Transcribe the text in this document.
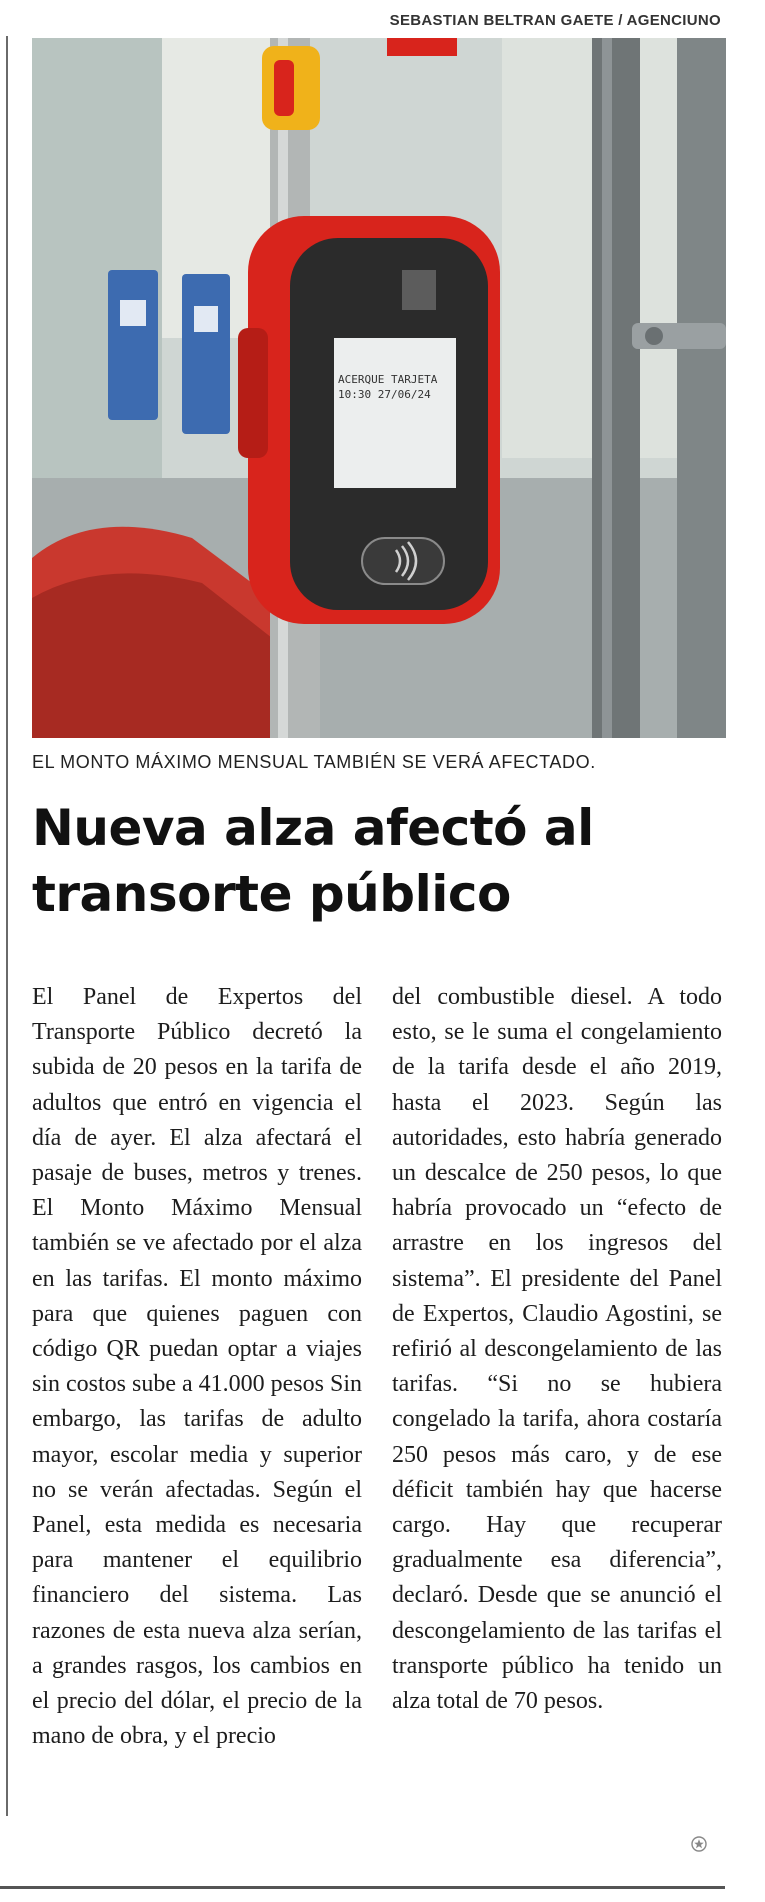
SEBASTIAN BELTRAN GAETE / AGENCIUNO
ACERQUE TARJETA
10:30 27/06/24
EL MONTO MÁXIMO MENSUAL TAMBIÉN SE VERÁ AFECTADO.
Nueva alza afectó al
transorte público
El Panel de Expertos del Transporte Público decretó la subida de 20 pesos en la tarifa de adultos que entró en vigencia el día de ayer. El alza afectará el pasaje de buses, metros y trenes. El Monto Máximo Mensual también se ve afectado por el alza en las tarifas. El monto máximo para que quienes paguen con código QR puedan optar a viajes sin costos sube a 41.000 pesos Sin embargo, las tarifas de adulto mayor, escolar media y superior no se verán afectadas. Según el Panel, esta medida es necesaria para mantener el equilibrio financiero del sistema. Las razones de esta nueva alza serían, a grandes rasgos, los cambios en el precio del dólar, el precio de la mano de obra, y el precio
del combustible diesel. A todo esto, se le suma el congelamiento de la tarifa desde el año 2019, hasta el 2023. Según las autoridades, esto habría generado un descalce de 250 pesos, lo que habría provocado un “efecto de arrastre en los ingresos del sistema”. El presidente del Panel de Expertos, Claudio Agostini, se refirió al descongelamiento de las tarifas. “Si no se hubiera congelado la tarifa, ahora costaría 250 pesos más caro, y de ese déficit también hay que hacerse cargo. Hay que recuperar gradualmente esa diferencia”, declaró. Desde que se anunció el descongelamiento de las tarifas el transporte público ha tenido un alza total de 70 pesos.
